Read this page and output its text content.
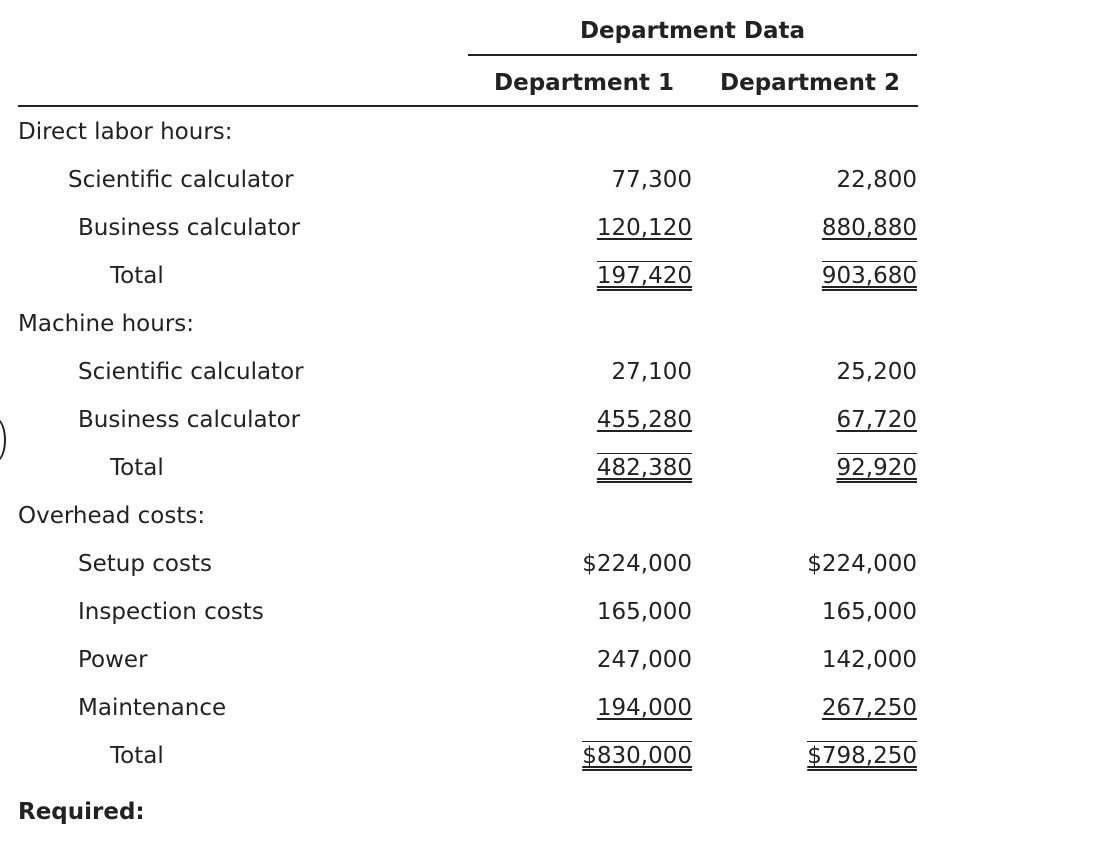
Department Data
Department 1	Department 2
Direct labor hours:
Scientific calculator	77,300	22,800
Business calculator	120,120	880,880
Total	197,420	903,680
Machine hours:
Scientific calculator	27,100	25,200
Business calculator	455,280	67,720
Total	482,380	92,920
Overhead costs:
Setup costs	$224,000	$224,000
Inspection costs	165,000	165,000
Power	247,000	142,000
Maintenance	194,000	267,250
Total	$830,000	$798,250
Required:
